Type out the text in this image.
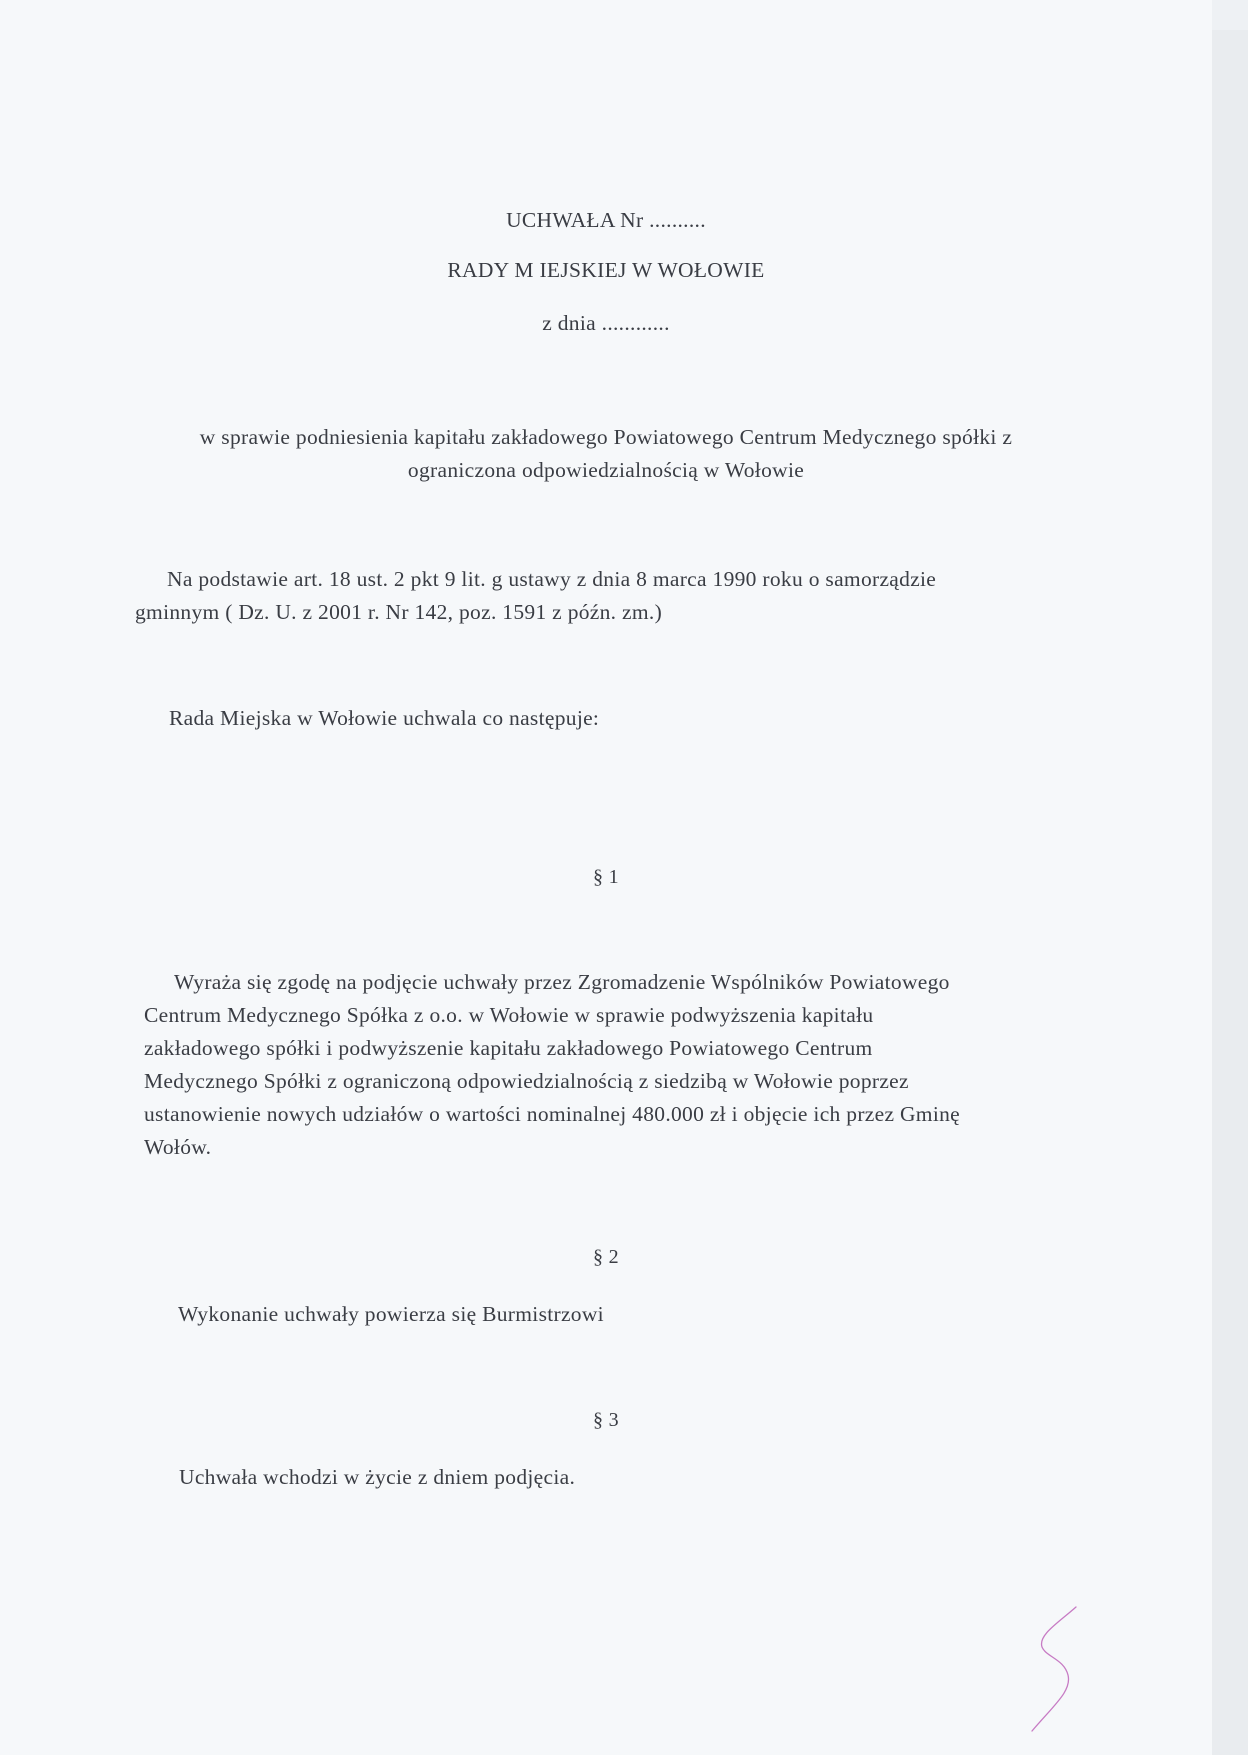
UCHWAŁA Nr ..........

RADY M IEJSKIEJ W WOŁOWIE

z dnia ............

w sprawie podniesienia kapitału zakładowego Powiatowego Centrum Medycznego spółki z

ograniczona odpowiedzialnością w Wołowie

Na podstawie art. 18 ust. 2 pkt 9 lit. g ustawy z dnia 8 marca 1990 roku o samorządzie

gminnym ( Dz. U. z 2001 r. Nr 142, poz. 1591 z późn. zm.)

Rada Miejska w Wołowie uchwala co następuje:

§ 1

Wyraża się zgodę na podjęcie uchwały przez Zgromadzenie Wspólników Powiatowego

Centrum Medycznego Spółka z o.o. w Wołowie w sprawie podwyższenia kapitału

zakładowego spółki i podwyższenie kapitału zakładowego Powiatowego Centrum

Medycznego Spółki z ograniczoną odpowiedzialnością z siedzibą w Wołowie poprzez

ustanowienie nowych udziałów o wartości nominalnej 480.000 zł i objęcie ich przez Gminę

Wołów.

§ 2

Wykonanie uchwały powierza się Burmistrzowi

§ 3

Uchwała wchodzi w życie z dniem podjęcia.
